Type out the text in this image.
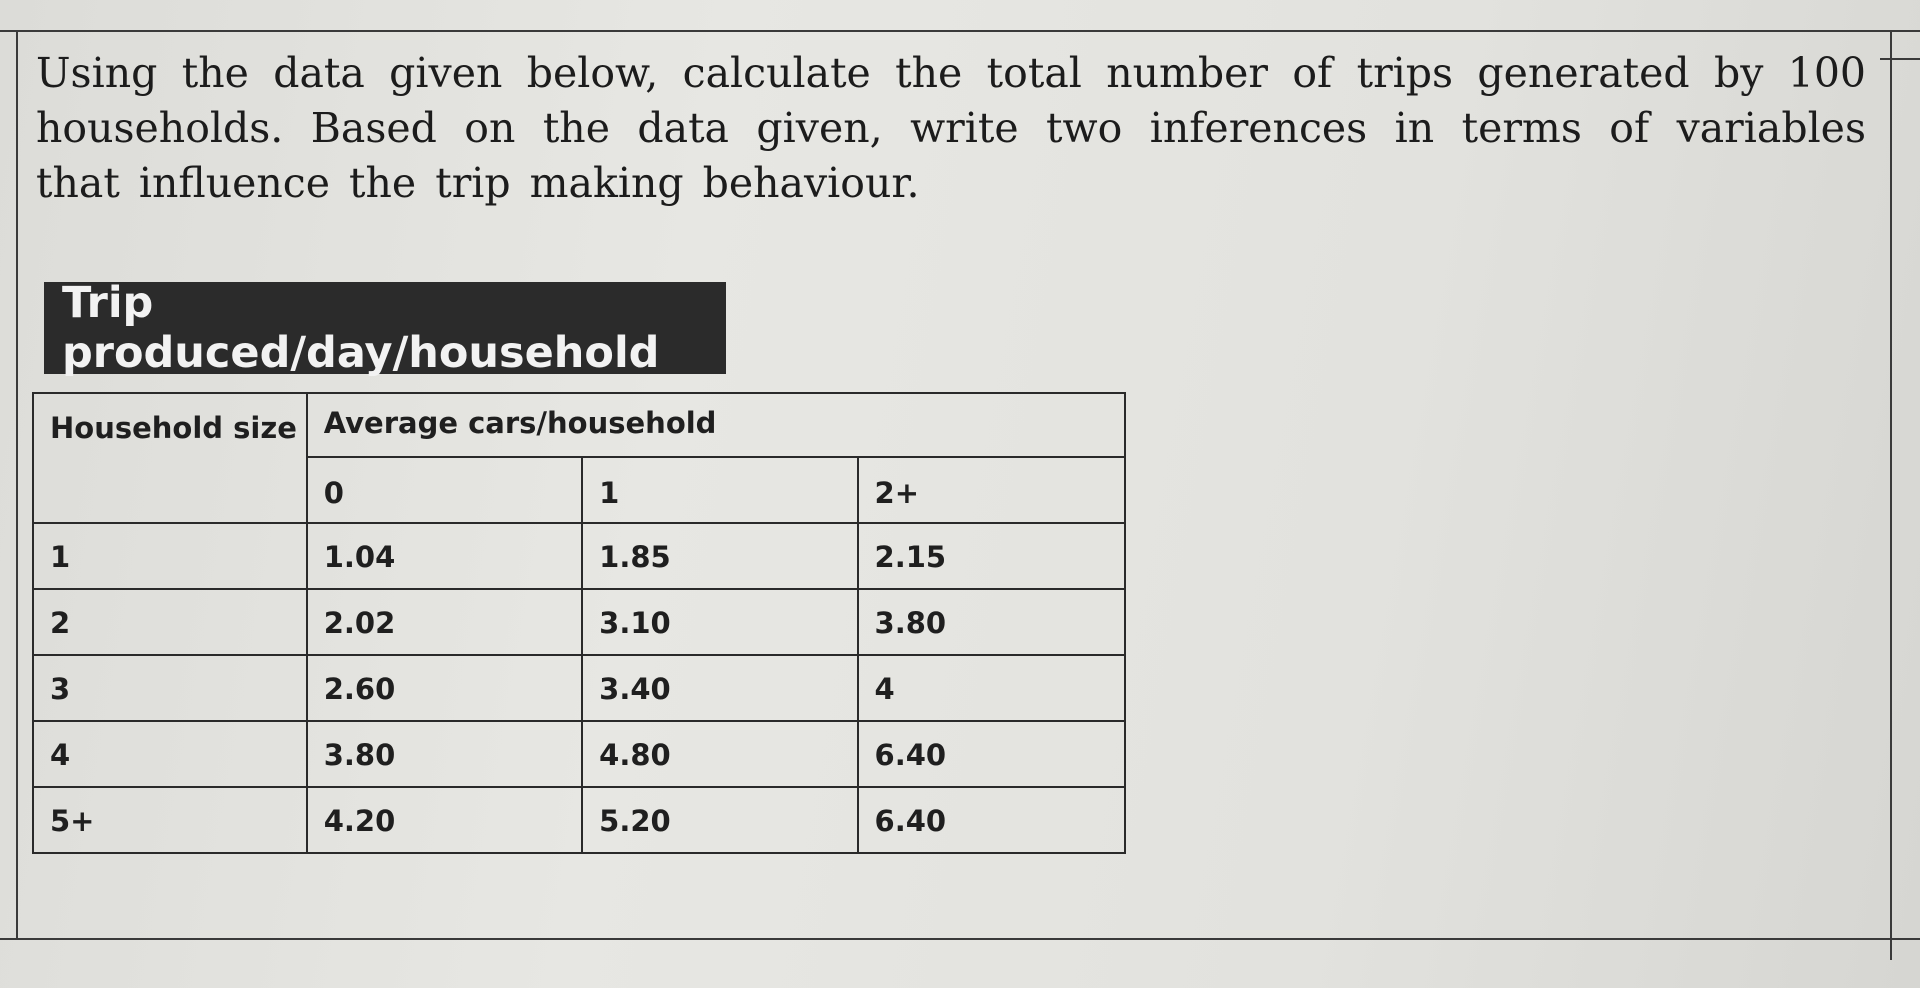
Using the data given below, calculate the total number of trips generated by 100 households. Based on the data given, write two inferences in terms of variables that influence the trip making behaviour.

Trip produced/day/household
Household size	Average cars/household		
	0	1	2+
1	1.04	1.85	2.15
2	2.02	3.10	3.80
3	2.60	3.40	4
4	3.80	4.80	6.40
5+	4.20	5.20	6.40
